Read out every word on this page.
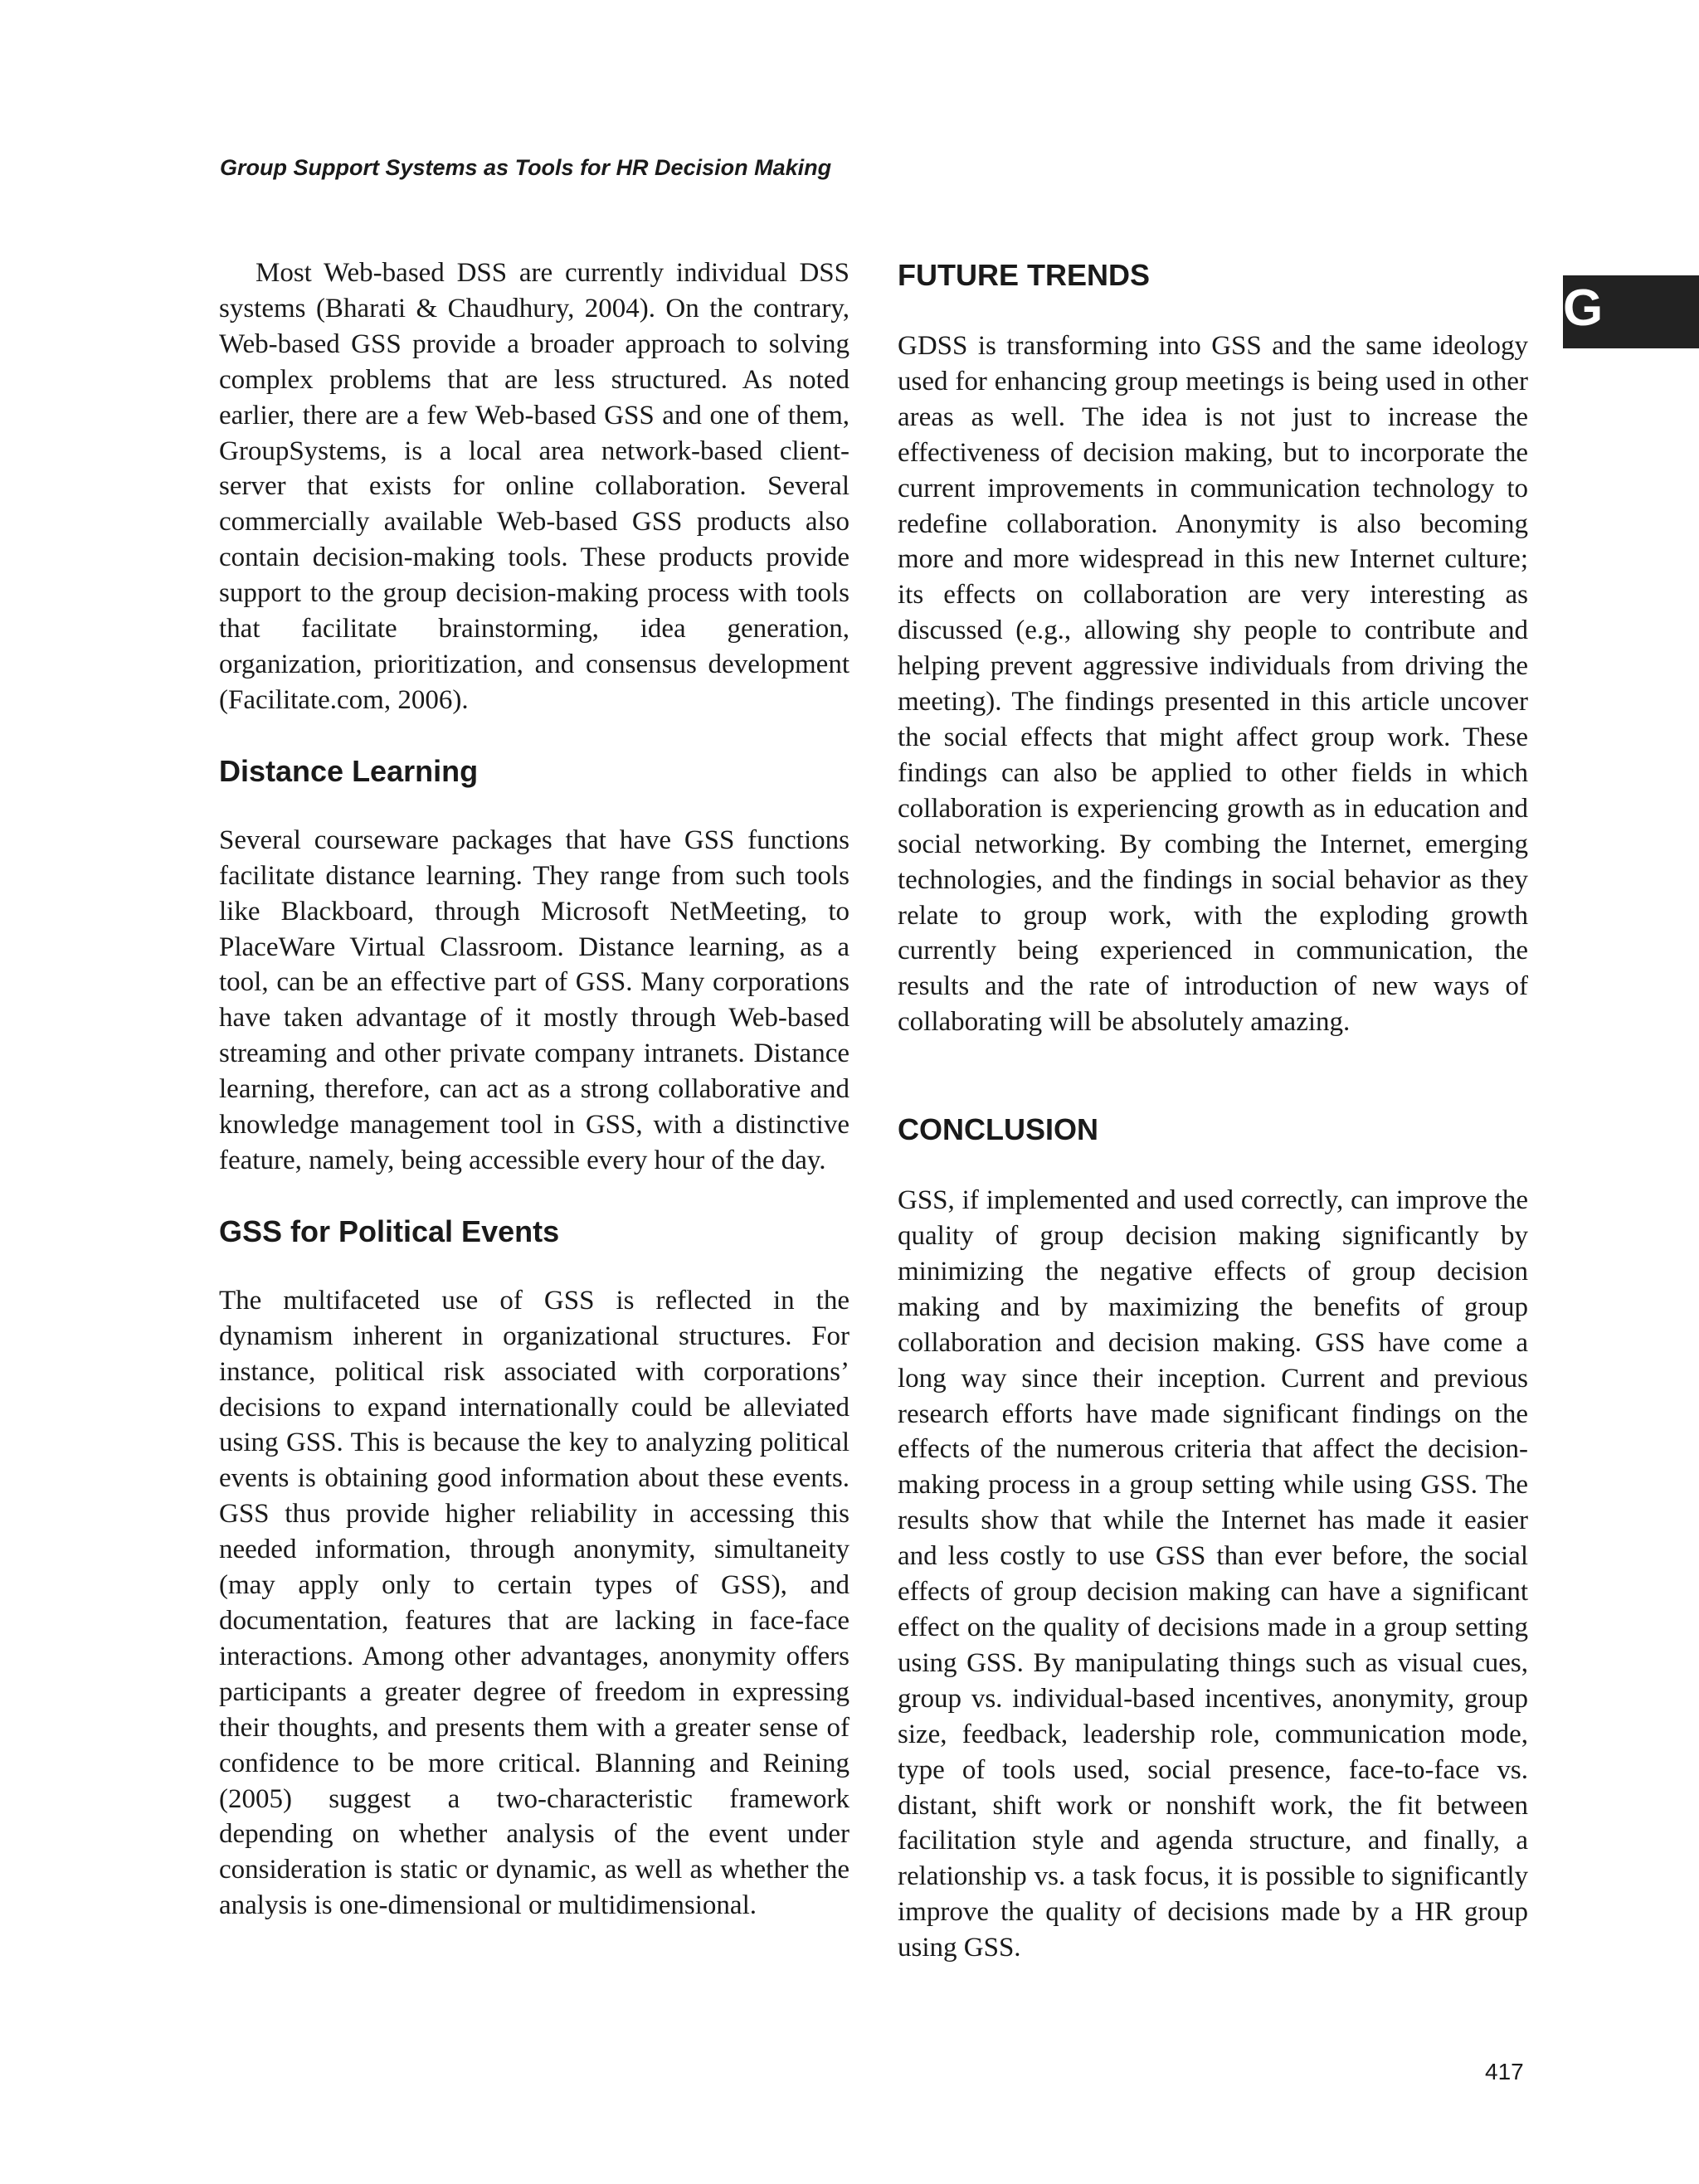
Group Support Systems as Tools for HR Decision Making
G

Most Web-based DSS are currently individual DSS systems (Bharati & Chaudhury, 2004). On the contrary, Web-based GSS provide a broader approach to solving complex problems that are less structured. As noted earlier, there are a few Web-based GSS and one of them, GroupSystems, is a local area network-based client-server that exists for online collaboration. Several commercially available Web-based GSS products also contain decision-making tools. These products provide support to the group decision-making process with tools that facilitate brainstorming, idea generation, organization, prioritization, and consensus development (Facilitate.com, 2006).

Distance Learning

Several courseware packages that have GSS functions facilitate distance learning. They range from such tools like Blackboard, through Microsoft NetMeeting, to PlaceWare Virtual Classroom. Distance learning, as a tool, can be an effective part of GSS. Many corporations have taken advantage of it mostly through Web-based streaming and other private company intranets. Distance learning, therefore, can act as a strong collaborative and knowledge management tool in GSS, with a distinctive feature, namely, being accessible every hour of the day.

GSS for Political Events

The multifaceted use of GSS is reflected in the dynamism inherent in organizational structures. For instance, political risk associated with corporations’ decisions to expand internationally could be alleviated using GSS. This is because the key to analyzing political events is obtaining good information about these events. GSS thus provide higher reliability in accessing this needed information, through anonymity, simultaneity (may apply only to certain types of GSS), and documentation, features that are lacking in face-face interactions. Among other advantages, anonymity offers participants a greater degree of freedom in expressing their thoughts, and presents them with a greater sense of confidence to be more critical. Blanning and Reining (2005) suggest a two-characteristic framework depending on whether analysis of the event under consideration is static or dynamic, as well as whether the analysis is one-dimensional or multidimensional.

FUTURE TRENDS

GDSS is transforming into GSS and the same ideology used for enhancing group meetings is being used in other areas as well. The idea is not just to increase the effectiveness of decision making, but to incorporate the current improvements in communication technology to redefine collaboration. Anonymity is also becoming more and more widespread in this new Internet culture; its effects on collaboration are very interesting as discussed (e.g., allowing shy people to contribute and helping prevent aggressive individuals from driving the meeting). The findings presented in this article uncover the social effects that might affect group work. These findings can also be applied to other fields in which collaboration is experiencing growth as in education and social networking. By combing the Internet, emerging technologies, and the findings in social behavior as they relate to group work, with the exploding growth currently being experienced in communication, the results and the rate of introduction of new ways of collaborating will be absolutely amazing.

CONCLUSION

GSS, if implemented and used correctly, can improve the quality of group decision making significantly by minimizing the negative effects of group decision making and by maximizing the benefits of group collaboration and decision making. GSS have come a long way since their inception. Current and previous research efforts have made significant findings on the effects of the numerous criteria that affect the decision-making process in a group setting while using GSS. The results show that while the Internet has made it easier and less costly to use GSS than ever before, the social effects of group decision making can have a significant effect on the quality of decisions made in a group setting using GSS. By manipulating things such as visual cues, group vs. individual-based incentives, anonymity, group size, feedback, leadership role, communication mode, type of tools used, social presence, face-to-face vs. distant, shift work or nonshift work, the fit between facilitation style and agenda structure, and finally, a relationship vs. a task focus, it is possible to significantly improve the quality of decisions made by a HR group using GSS.

417
